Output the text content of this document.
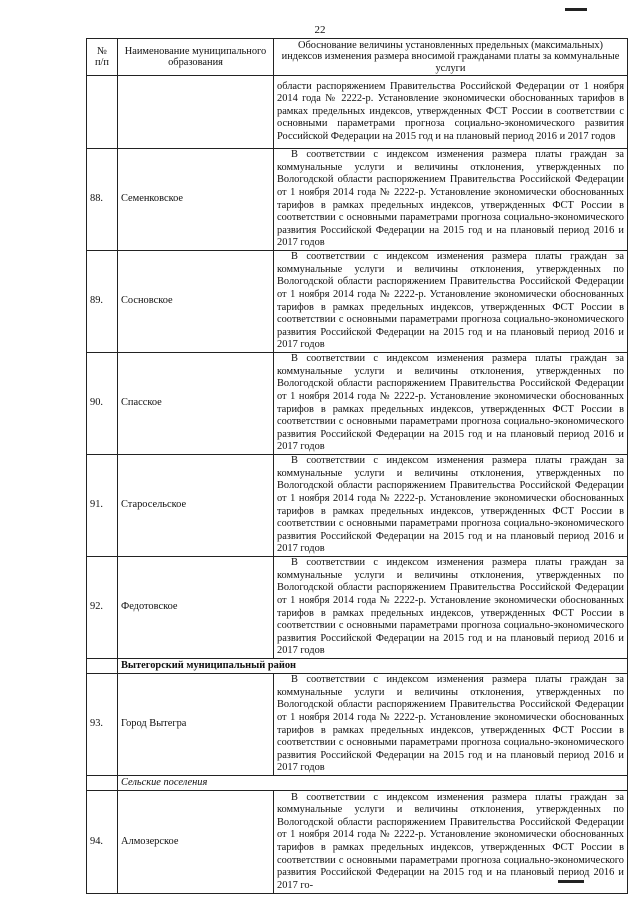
22
№
п/п	Наименование муниципального образования	Обоснование величины установленных предельных (максимальных) индексов изменения размера вносимой гражданами платы за коммунальные услуги

		области распоряжением Правительства Российской Федерации от 1 ноября 2014 года № 2222-р. Установление экономически обоснованных тарифов в рамках предельных индексов, утвержденных ФСТ России в соответствии с основными параметрами прогноза социально-экономического развития Российской Федерации на 2015 год и на плановый период 2016 и 2017 годов

88.	Семенковское	В соответствии с индексом изменения размера платы граждан за коммунальные услуги и величины отклонения, утвержденных по Вологодской области распоряжением Правительства Российской Федерации от 1 ноября 2014 года № 2222-р. Установление экономически обоснованных тарифов в рамках предельных индексов, утвержденных ФСТ России в соответствии с основными параметрами прогноза социально-экономического развития Российской Федерации на 2015 год и на плановый период 2016 и 2017 годов

89.	Сосновское	В соответствии с индексом изменения размера платы граждан за коммунальные услуги и величины отклонения, утвержденных по Вологодской области распоряжением Правительства Российской Федерации от 1 ноября 2014 года № 2222-р. Установление экономически обоснованных тарифов в рамках предельных индексов, утвержденных ФСТ России в соответствии с основными параметрами прогноза социально-экономического развития Российской Федерации на 2015 год и на плановый период 2016 и 2017 годов

90.	Спасское	В соответствии с индексом изменения размера платы граждан за коммунальные услуги и величины отклонения, утвержденных по Вологодской области распоряжением Правительства Российской Федерации от 1 ноября 2014 года № 2222-р. Установление экономически обоснованных тарифов в рамках предельных индексов, утвержденных ФСТ России в соответствии с основными параметрами прогноза социально-экономического развития Российской Федерации на 2015 год и на плановый период 2016 и 2017 годов

91.	Старосельское	В соответствии с индексом изменения размера платы граждан за коммунальные услуги и величины отклонения, утвержденных по Вологодской области распоряжением Правительства Российской Федерации от 1 ноября 2014 года № 2222-р. Установление экономически обоснованных тарифов в рамках предельных индексов, утвержденных ФСТ России в соответствии с основными параметрами прогноза социально-экономического развития Российской Федерации на 2015 год и на плановый период 2016 и 2017 годов

92.	Федотовское	В соответствии с индексом изменения размера платы граждан за коммунальные услуги и величины отклонения, утвержденных по Вологодской области распоряжением Правительства Российской Федерации от 1 ноября 2014 года № 2222-р. Установление экономически обоснованных тарифов в рамках предельных индексов, утвержденных ФСТ России в соответствии с основными параметрами прогноза социально-экономического развития Российской Федерации на 2015 год и на плановый период 2016 и 2017 годов

	Вытегорский муниципальный район	
93.	Город Вытегра	В соответствии с индексом изменения размера платы граждан за коммунальные услуги и величины отклонения, утвержденных по Вологодской области распоряжением Правительства Российской Федерации от 1 ноября 2014 года № 2222-р. Установление экономически обоснованных тарифов в рамках предельных индексов, утвержденных ФСТ России в соответствии с основными параметрами прогноза социально-экономического развития Российской Федерации на 2015 год и на плановый период 2016 и 2017 годов

	Сельские поселения	
94.	Алмозерское	В соответствии с индексом изменения размера платы граждан за коммунальные услуги и величины отклонения, утвержденных по Вологодской области распоряжением Правительства Российской Федерации от 1 ноября 2014 года № 2222-р. Установление экономически обоснованных тарифов в рамках предельных индексов, утвержденных ФСТ России в соответствии с основными параметрами прогноза социально-экономического развития Российской Федерации на 2015 год и на плановый период 2016 и 2017 го-
